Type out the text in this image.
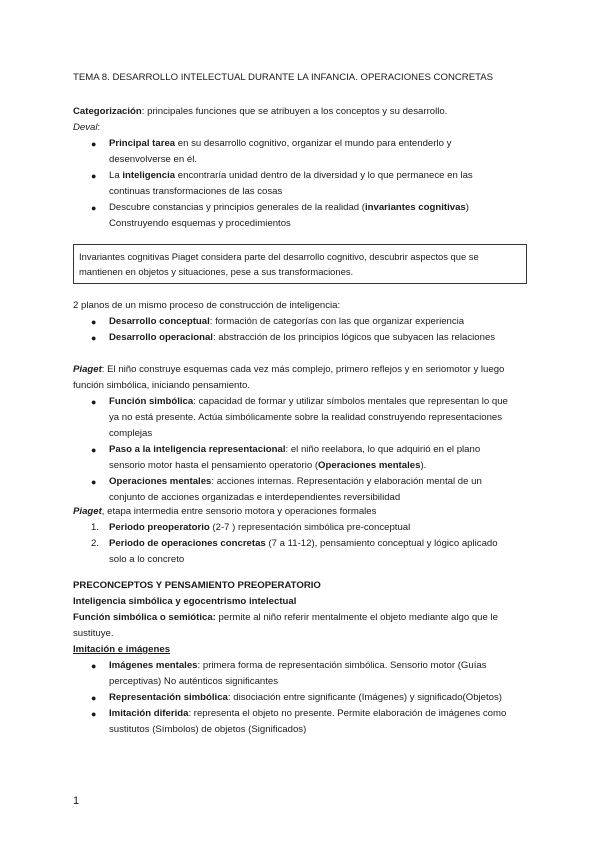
TEMA 8. DESARROLLO INTELECTUAL DURANTE LA INFANCIA. OPERACIONES CONCRETAS
Categorización: principales funciones que se atribuyen a los conceptos y su desarrollo.
Deval:
● Principal tarea en su desarrollo cognitivo, organizar el mundo para entenderlo y
desenvolverse en él.
● La inteligencia encontraría unidad dentro de la diversidad y lo que permanece en las
continuas transformaciones de las cosas
● Descubre constancias y principios generales de la realidad (invariantes cognitivas)
Construyendo esquemas y procedimientos
Invariantes cognitivas Piaget considera parte del desarrollo cognitivo, descubrir aspectos que se
mantienen en objetos y situaciones, pese a sus transformaciones.
2 planos de un mismo proceso de construcción de inteligencia:
● Desarrollo conceptual: formación de categorías con las que organizar experiencia
● Desarrollo operacional: abstracción de los principios lógicos que subyacen las relaciones
Piaget: El niño construye esquemas cada vez más complejo, primero reflejos y en seriomotor y luego
función simbólica, iniciando pensamiento.
● Función simbólica: capacidad de formar y utilizar símbolos mentales que representan lo que
ya no está presente. Actúa simbólicamente sobre la realidad construyendo representaciones
complejas
● Paso a la inteligencia representacional: el niño reelabora, lo que adquirió en el plano
sensorio motor hasta el pensamiento operatorio (Operaciones mentales).
● Operaciones mentales: acciones internas. Representación y elaboración mental de un
conjunto de acciones organizadas e interdependientes reversibilidad
Piaget, etapa intermedia entre sensorio motora y operaciones formales
1. Periodo preoperatorio (2-7 ) representación simbólica pre-conceptual
2. Periodo de operaciones concretas (7 a 11-12), pensamiento conceptual y lógico aplicado
solo a lo concreto
PRECONCEPTOS Y PENSAMIENTO PREOPERATORIO
Inteligencia simbólica y egocentrismo intelectual
Función simbólica o semiótica: permite al niño referir mentalmente el objeto mediante algo que le
sustituye.
Imitación e imágenes
● Imágenes mentales: primera forma de representación simbólica. Sensorio motor (Guías
perceptivas) No auténticos significantes
● Representación simbólica: disociación entre significante (Imágenes) y significado(Objetos)
● Imitación diferida: representa el objeto no presente. Permite elaboración de imágenes como
sustitutos (Símbolos) de objetos (Significados)
1
